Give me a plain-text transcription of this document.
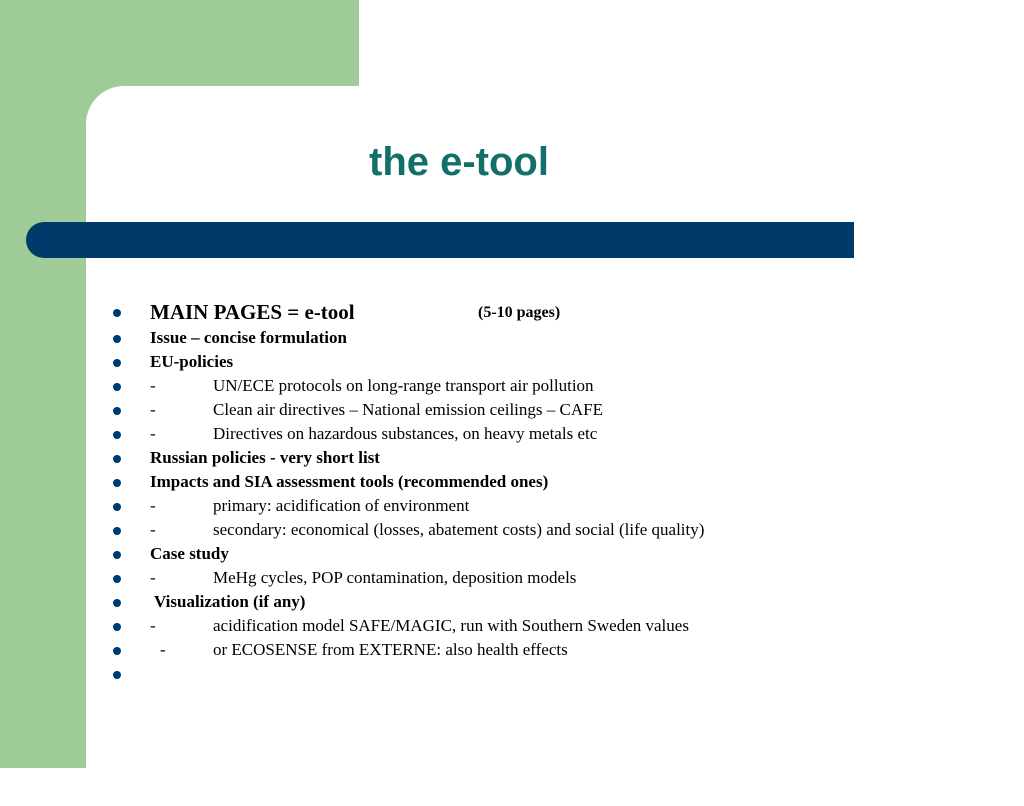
the e-tool
MAIN PAGES = e-tool	(5-10 pages)
Issue – concise formulation
EU-policies
-	UN/ECE protocols on long-range transport air pollution
-	Clean air directives – National emission ceilings – CAFE
-	Directives on hazardous substances, on heavy metals etc
Russian policies - very short list
Impacts and SIA assessment tools (recommended ones)
-	primary: acidification of environment
-	secondary: economical (losses, abatement costs) and social (life quality)
Case study
-	MeHg cycles, POP contamination, deposition models
Visualization (if any)
-	acidification model SAFE/MAGIC, run with Southern Sweden values
-	or ECOSENSE from EXTERNE: also health effects
